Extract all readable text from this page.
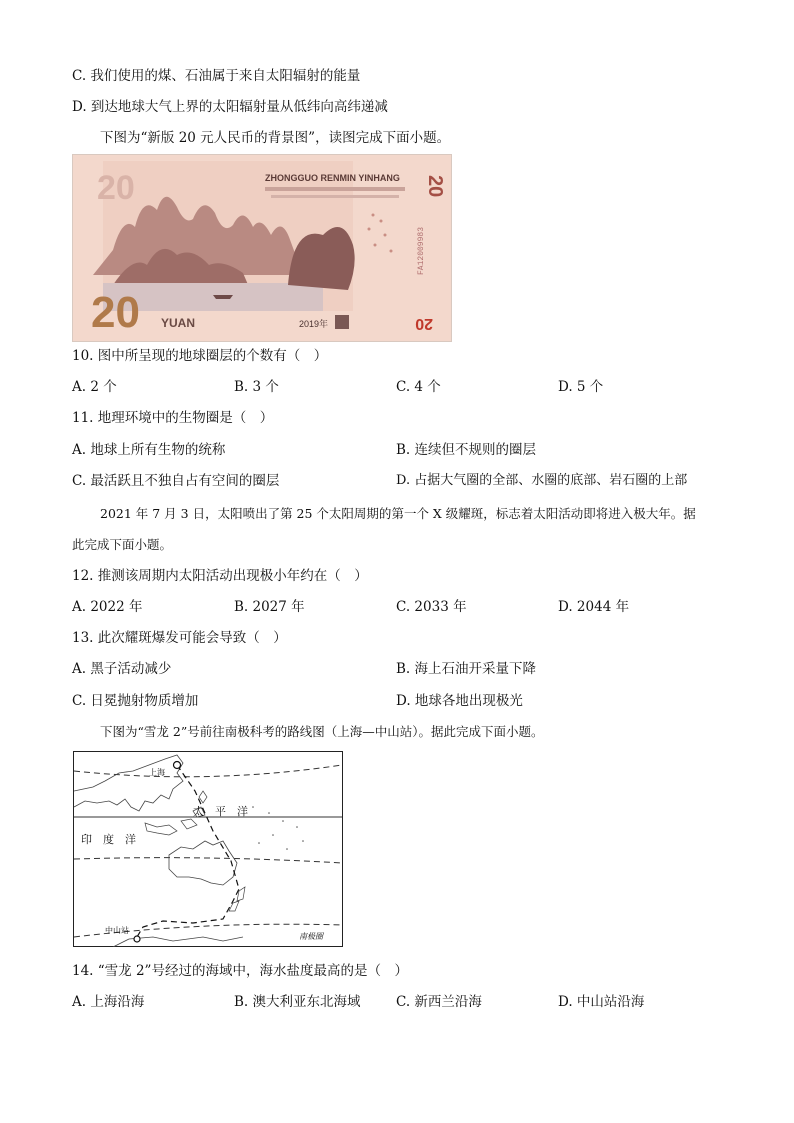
C. 我们使用的煤、石油属于来自太阳辐射的能量
D. 到达地球大气上界的太阳辐射量从低纬向高纬递减
下图为“新版 20 元人民币的背景图”，读图完成下面小题。
20
20 YUAN
ZHONGGUO RENMIN YINHANG 20
FA12009983
2019年	20
10. 图中所呈现的地球圈层的个数有（　）
A. 2 个	B. 3 个	C. 4 个	D. 5 个
11. 地理环境中的生物圈是（　）
A. 地球上所有生物的统称	B. 连续但不规则的圈层
C. 最活跃且不独自占有空间的圈层	D. 占据大气圈的全部、水圈的底部、岩石圈的上部
2021 年 7 月 3 日，太阳喷出了第 25 个太阳周期的第一个 X 级耀斑，标志着太阳活动即将进入极大年。据
此完成下面小题。
12. 推测该周期内太阳活动出现极小年约在（　）
A. 2022 年	B. 2027 年	C. 2033 年	D. 2044 年
13. 此次耀斑爆发可能会导致（　）
A. 黑子活动减少	B. 海上石油开采量下降
C. 日冕抛射物质增加	D. 地球各地出现极光
下图为“雪龙 2”号前往南极科考的路线图（上海—中山站）。据此完成下面小题。
上海
太　平　洋
印　度　洋
中山站
南极圈
14. “雪龙 2”号经过的海域中，海水盐度最高的是（　）
A. 上海沿海	B. 澳大利亚东北海域	C. 新西兰沿海	D. 中山站沿海
